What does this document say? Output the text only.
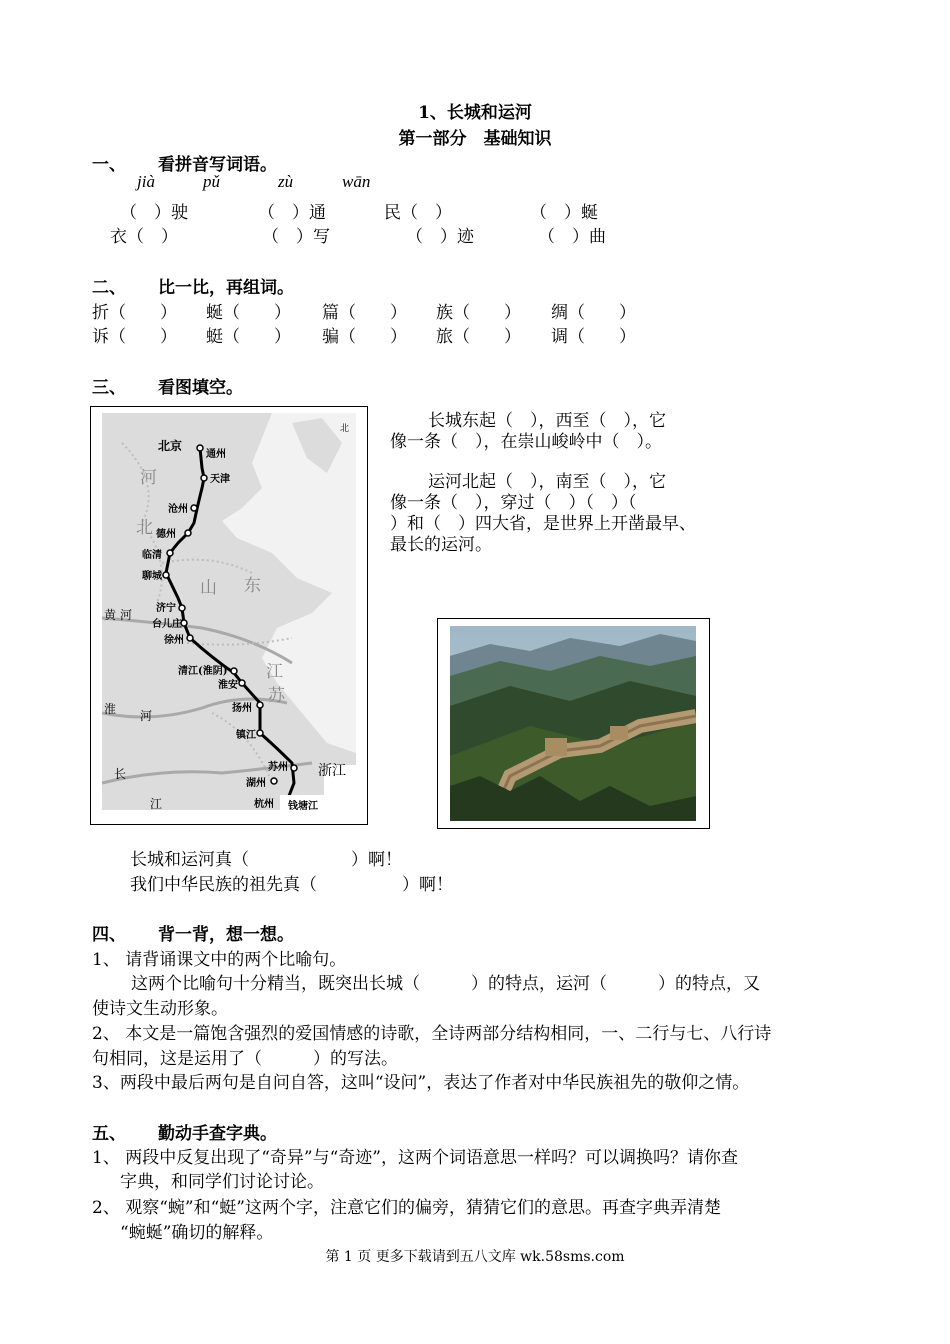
1、长城和运河
第一部分　基础知识
一、 看拼音写词语。
jià	pǔ	zù	wān
（　）驶	（　）通	民（　）	（　）蜒
衣（　）	（　）写	（　）迹	（　）曲
二、 比一比，再组词。
折（　　） 蜒（　　） 篇（　　） 族（　　） 绸（　　）
诉（　　） 蜓（　　） 骗（　　） 旅（　　） 调（　　）
三、 看图填空。
北京
通州
天津
沧州
德州
临清
聊城
济宁
台儿庄
徐州
清江(淮阴)
淮安
扬州
镇江
苏州
湖州
杭州 钱塘江
浙江
河
北
山 东
江
苏
黄 河
淮 河
长
江
北	长城东起（　），西至（　），它
像一条（　），在崇山峻岭中（　）。
运河北起（　），南至（　），它
像一条（　），穿过（　）（　）（
）和（　）四大省，是世界上开凿最早、
最长的运河。
长城和运河真（　　　　　　）啊！
我们中华民族的祖先真（　　　　　）啊！
四、 背一背，想一想。
1、 请背诵课文中的两个比喻句。
这两个比喻句十分精当，既突出长城（　　　）的特点，运河（　　　）的特点，又
使诗文生动形象。
2、 本文是一篇饱含强烈的爱国情感的诗歌，全诗两部分结构相同，一、二行与七、八行诗
句相同，这是运用了（　　　）的写法。
3、两段中最后两句是自问自答，这叫“设问”，表达了作者对中华民族祖先的敬仰之情。
五、 勤动手查字典。
1、 两段中反复出现了“奇异”与“奇迹”，这两个词语意思一样吗？可以调换吗？请你查
字典，和同学们讨论讨论。
2、 观察“蜿”和“蜓”这两个字，注意它们的偏旁，猜猜它们的意思。再查字典弄清楚
“蜿蜒”确切的解释。
第 1 页 更多下载请到五八文库 wk.58sms.com
